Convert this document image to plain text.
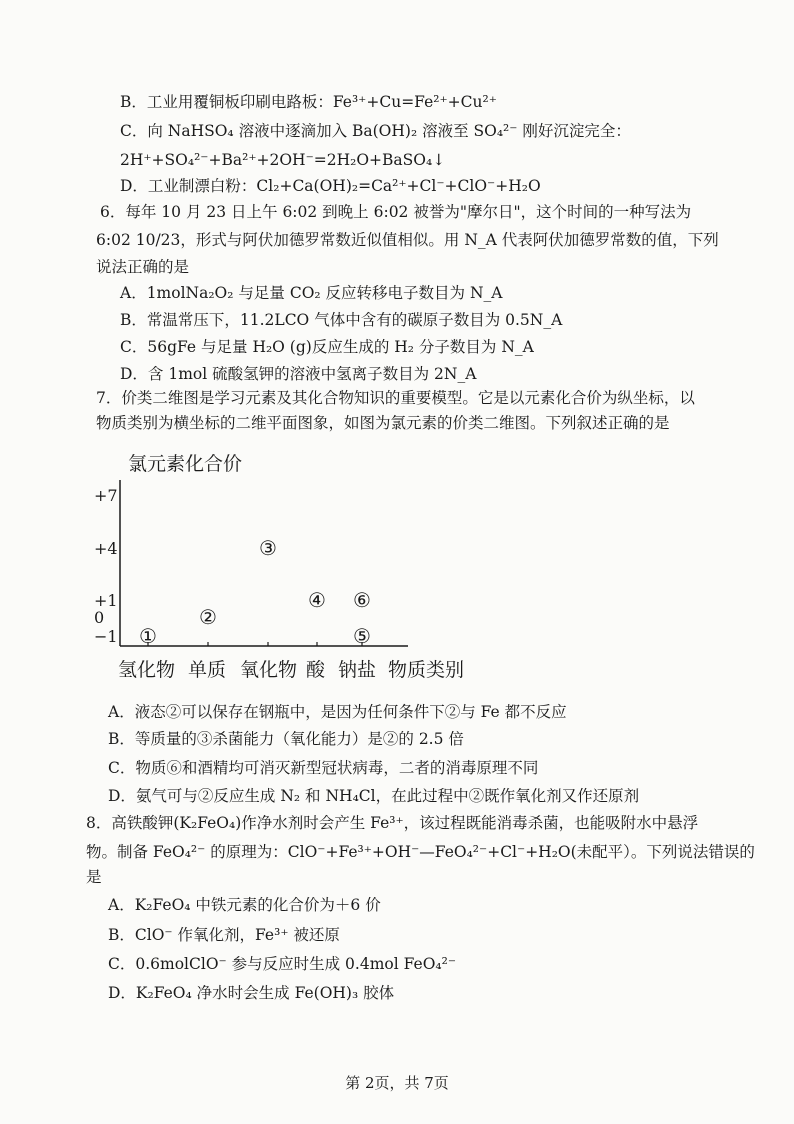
B．工业用覆铜板印刷电路板：Fe³⁺+Cu=Fe²⁺+Cu²⁺
C．向 NaHSO₄ 溶液中逐滴加入 Ba(OH)₂ 溶液至 SO₄²⁻ 刚好沉淀完全：
2H⁺+SO₄²⁻+Ba²⁺+2OH⁻=2H₂O+BaSO₄↓
D．工业制漂白粉：Cl₂+Ca(OH)₂=Ca²⁺+Cl⁻+ClO⁻+H₂O
6．每年 10 月 23 日上午 6:02 到晚上 6:02 被誉为"摩尔日"，这个时间的一种写法为
6:02 10/23，形式与阿伏加德罗常数近似值相似。用 N_A 代表阿伏加德罗常数的值，下列
说法正确的是
A．1molNa₂O₂ 与足量 CO₂ 反应转移电子数目为 N_A
B．常温常压下，11.2LCO 气体中含有的碳原子数目为 0.5N_A
C．56gFe 与足量 H₂O (g)反应生成的 H₂ 分子数目为 N_A
D．含 1mol 硫酸氢钾的溶液中氢离子数目为 2N_A
7．价类二维图是学习元素及其化合物知识的重要模型。它是以元素化合价为纵坐标，以
物质类别为横坐标的二维平面图象，如图为氯元素的价类二维图。下列叙述正确的是
氯元素化合价
+7
+4
+1
0
−1 ①
②
③
④
⑤
⑥
氢化物 单质 氧化物 酸 钠盐 物质类别
A．液态②可以保存在钢瓶中，是因为任何条件下②与 Fe 都不反应
B．等质量的③杀菌能力（氧化能力）是②的 2.5 倍
C．物质⑥和酒精均可消灭新型冠状病毒，二者的消毒原理不同
D．氨气可与②反应生成 N₂ 和 NH₄Cl，在此过程中②既作氧化剂又作还原剂
8．高铁酸钾(K₂FeO₄)作净水剂时会产生 Fe³⁺，该过程既能消毒杀菌，也能吸附水中悬浮
物。制备 FeO₄²⁻ 的原理为：ClO⁻+Fe³⁺+OH⁻—FeO₄²⁻+Cl⁻+H₂O(未配平）。下列说法错误的
是
A．K₂FeO₄ 中铁元素的化合价为＋6 价
B．ClO⁻ 作氧化剂，Fe³⁺ 被还原
C．0.6molClO⁻ 参与反应时生成 0.4mol FeO₄²⁻
D．K₂FeO₄ 净水时会生成 Fe(OH)₃ 胶体
第 2页，共 7页
